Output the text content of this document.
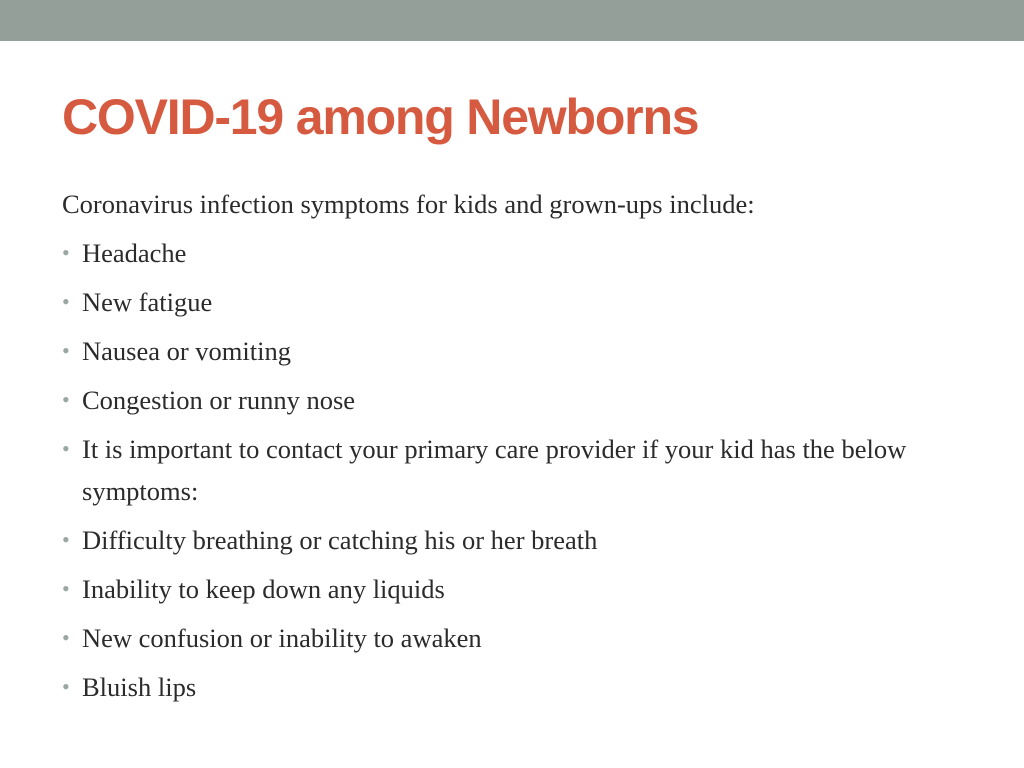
COVID-19 among Newborns

Coronavirus infection symptoms for kids and grown-ups include:

• Headache
• New fatigue
• Nausea or vomiting
• Congestion or runny nose
• It is important to contact your primary care provider if your kid has the below symptoms:
• Difficulty breathing or catching his or her breath
• Inability to keep down any liquids
• New confusion or inability to awaken
• Bluish lips
